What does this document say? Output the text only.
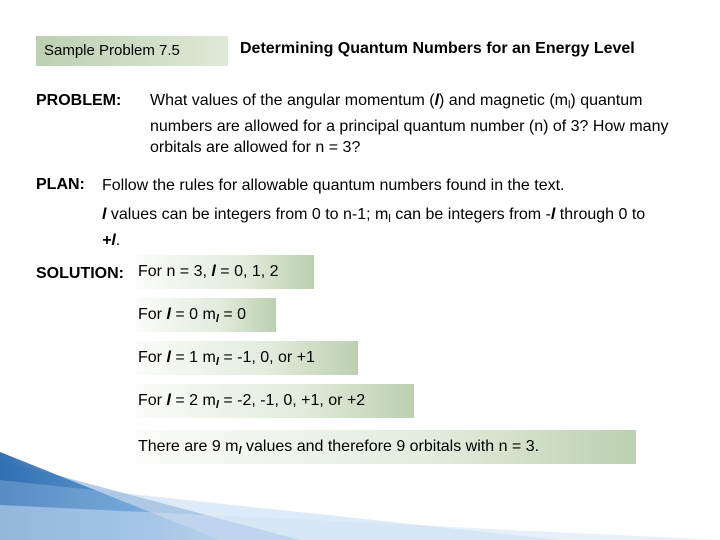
Sample Problem 7.5	Determining Quantum Numbers for an Energy Level
PROBLEM: What values of the angular momentum (l) and magnetic $(m_l)$ quantum numbers are allowed for a principal quantum number (n) of 3? How many orbitals are allowed for n = 3?
PLAN: Follow the rules for allowable quantum numbers found in the text.
l values can be integers from 0 to n-1; $m_l$ can be integers from -l through 0 to +l.
SOLUTION: For n = 3, l = 0, 1, 2
For l = 0 $m_l = 0$
For l = 1 $m_l = -1$, 0, or +1
For l = 2 $m_l = -2$, -1, 0, +1, or +2
There are 9 $m_l$ values and therefore 9 orbitals with n = 3.
